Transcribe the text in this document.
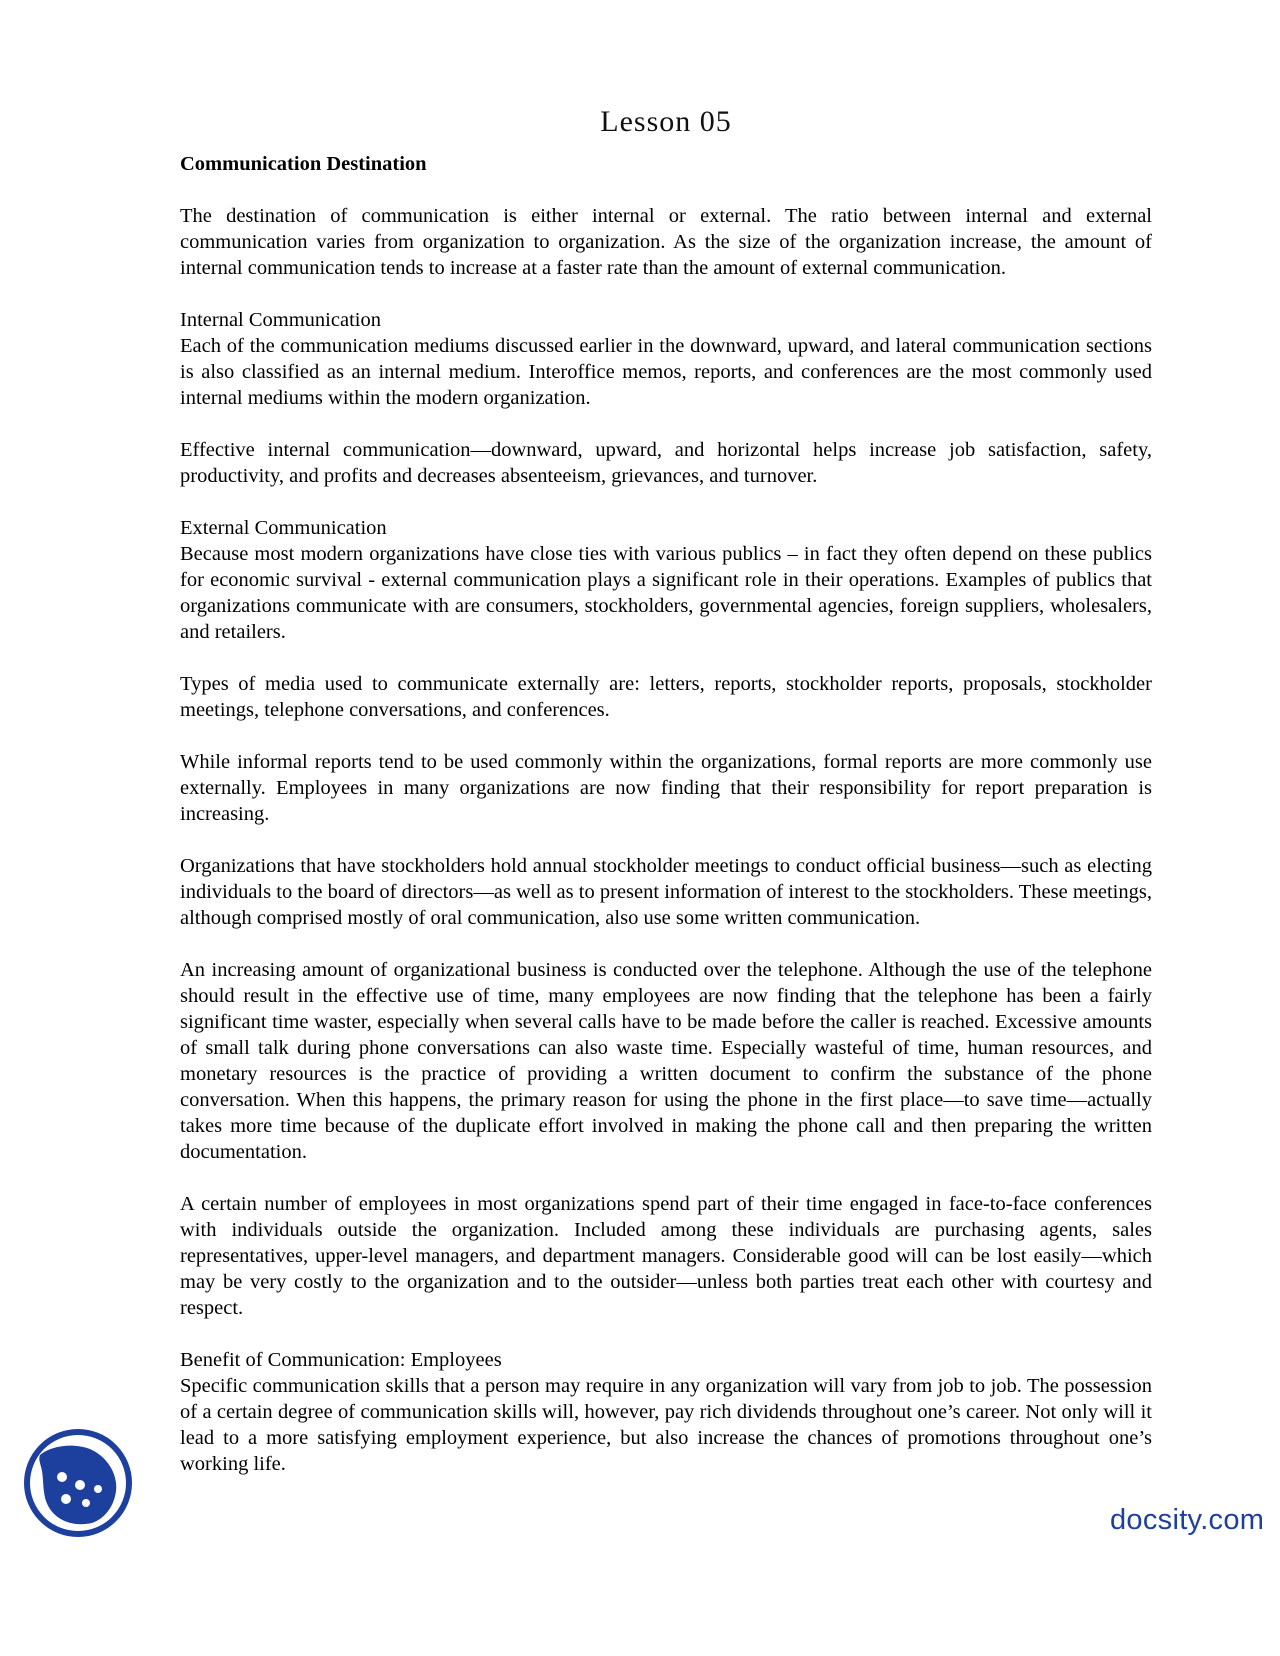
Lesson 05
Communication Destination

The destination of communication is either internal or external. The ratio between internal and external communication varies from organization to organization. As the size of the organization increase, the amount of internal communication tends to increase at a faster rate than the amount of external communication.

Internal Communication

Each of the communication mediums discussed earlier in the downward, upward, and lateral communication sections is also classified as an internal medium. Interoffice memos, reports, and conferences are the most commonly used internal mediums within the modern organization.

Effective internal communication—downward, upward, and horizontal helps increase job satisfaction, safety, productivity, and profits and decreases absenteeism, grievances, and turnover.

External Communication

Because most modern organizations have close ties with various publics – in fact they often depend on these publics for economic survival - external communication plays a significant role in their operations. Examples of publics that organizations communicate with are consumers, stockholders, governmental agencies, foreign suppliers, wholesalers, and retailers.

Types of media used to communicate externally are: letters, reports, stockholder reports, proposals, stockholder meetings, telephone conversations, and conferences.

While informal reports tend to be used commonly within the organizations, formal reports are more commonly use externally. Employees in many organizations are now finding that their responsibility for report preparation is increasing.

Organizations that have stockholders hold annual stockholder meetings to conduct official business—such as electing individuals to the board of directors—as well as to present information of interest to the stockholders. These meetings, although comprised mostly of oral communication, also use some written communication.

An increasing amount of organizational business is conducted over the telephone. Although the use of the telephone should result in the effective use of time, many employees are now finding that the telephone has been a fairly significant time waster, especially when several calls have to be made before the caller is reached. Excessive amounts of small talk during phone conversations can also waste time. Especially wasteful of time, human resources, and monetary resources is the practice of providing a written document to confirm the substance of the phone conversation. When this happens, the primary reason for using the phone in the first place—to save time—actually takes more time because of the duplicate effort involved in making the phone call and then preparing the written documentation.

A certain number of employees in most organizations spend part of their time engaged in face-to-face conferences with individuals outside the organization. Included among these individuals are purchasing agents, sales representatives, upper-level managers, and department managers. Considerable good will can be lost easily—which may be very costly to the organization and to the outsider—unless both parties treat each other with courtesy and respect.

Benefit of Communication: Employees

Specific communication skills that a person may require in any organization will vary from job to job. The possession of a certain degree of communication skills will, however, pay rich dividends throughout one’s career. Not only will it lead to a more satisfying employment experience, but also increase the chances of promotions throughout one’s working life.

docsity.com
